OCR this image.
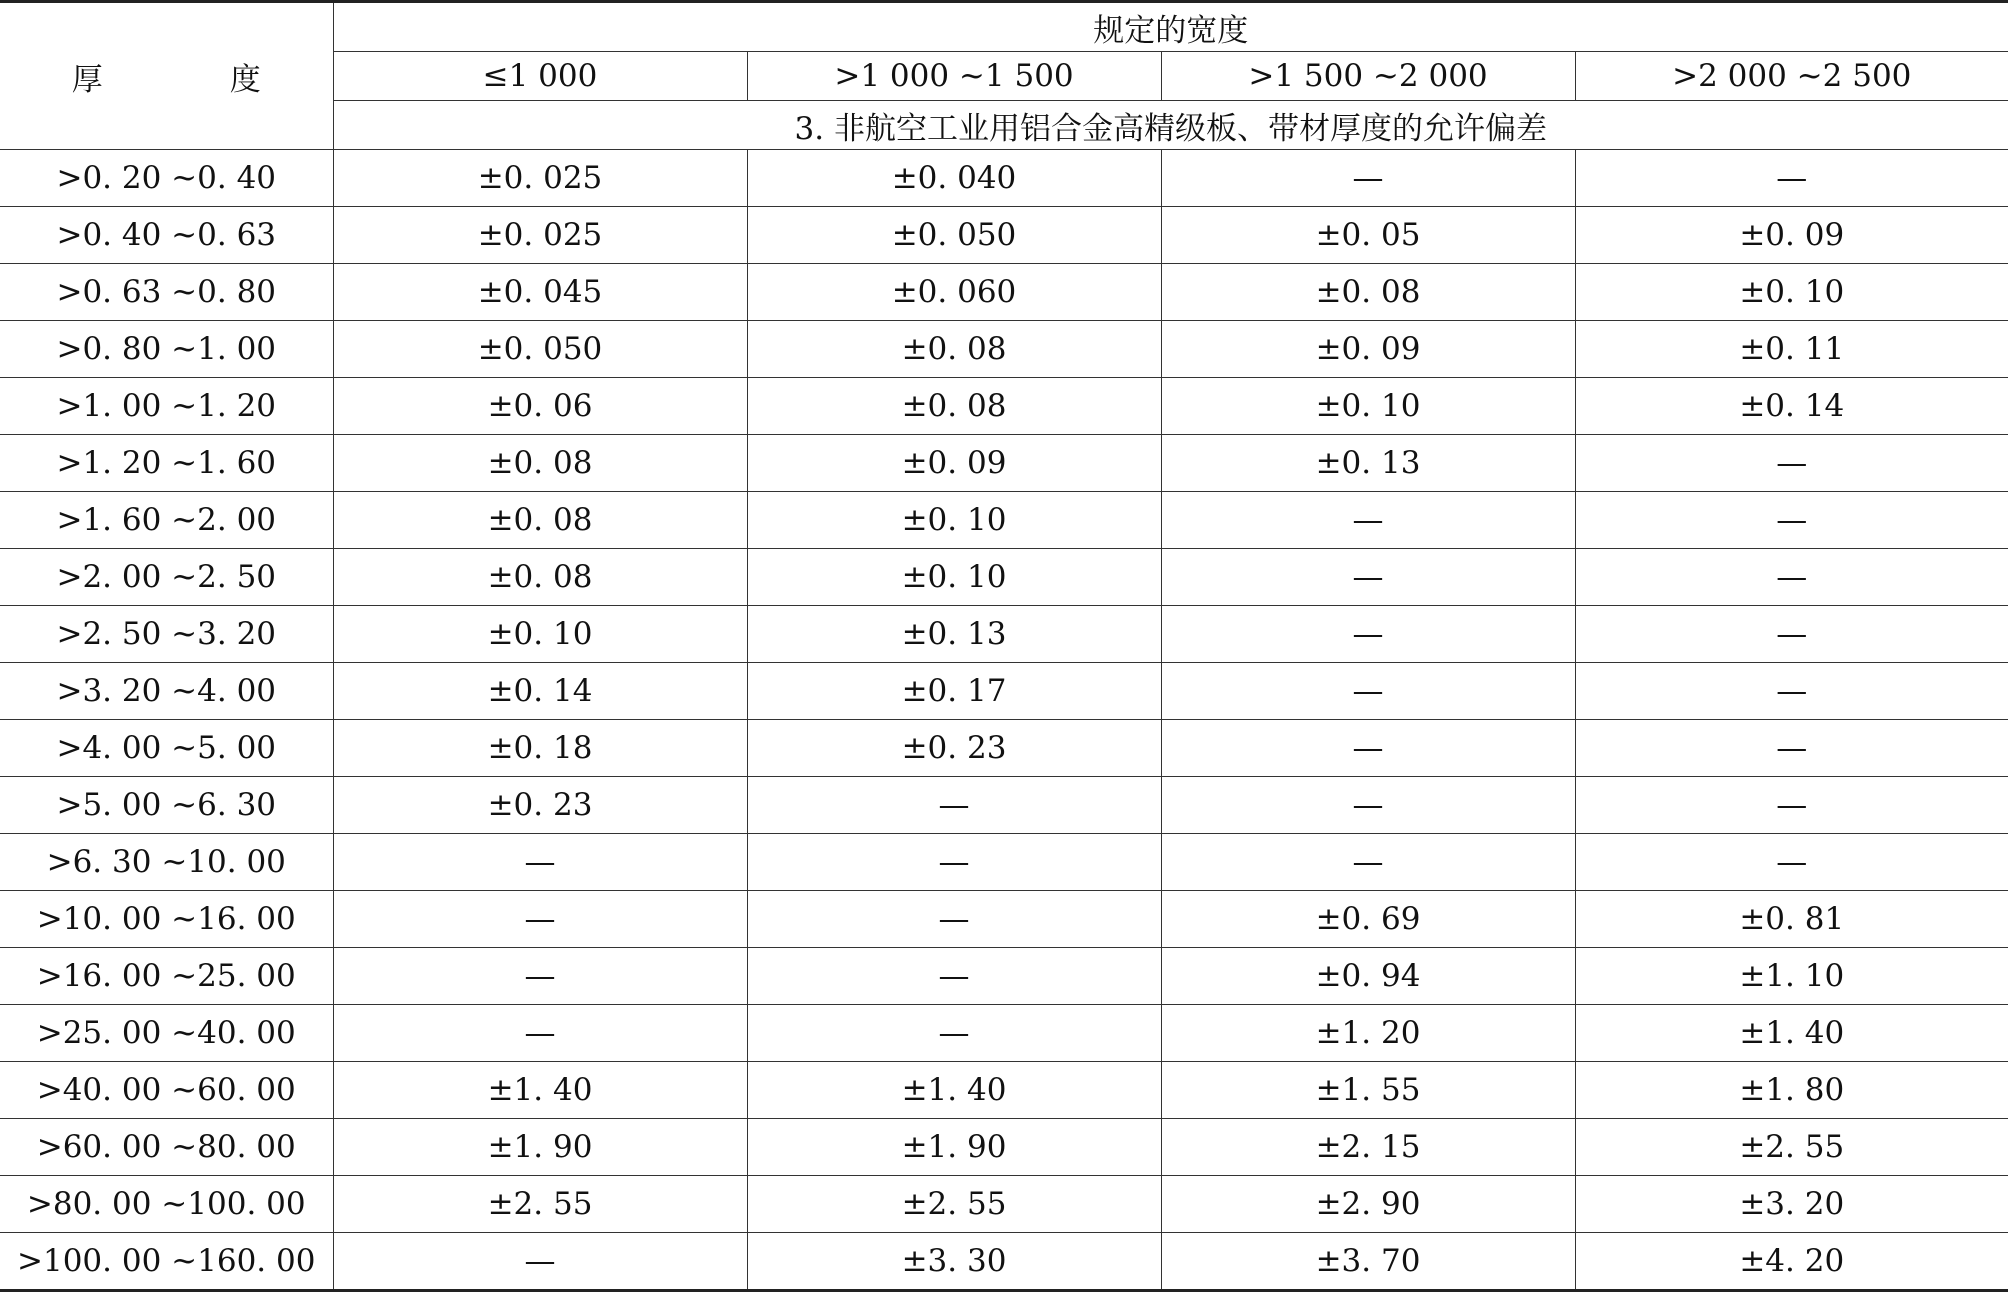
厚　度	规定的宽度			
	≤1 000	>1 000 ~1 500	>1 500 ~2 000	>2 000 ~2 500
	3. 非航空工业用铝合金高精级板、带材厚度的允许偏差			
>0. 20 ~0. 40	±0. 025	±0. 040	—	—
>0. 40 ~0. 63	±0. 025	±0. 050	±0. 05	±0. 09
>0. 63 ~0. 80	±0. 045	±0. 060	±0. 08	±0. 10
>0. 80 ~1. 00	±0. 050	±0. 08	±0. 09	±0. 11
>1. 00 ~1. 20	±0. 06	±0. 08	±0. 10	±0. 14
>1. 20 ~1. 60	±0. 08	±0. 09	±0. 13	—
>1. 60 ~2. 00	±0. 08	±0. 10	—	—
>2. 00 ~2. 50	±0. 08	±0. 10	—	—
>2. 50 ~3. 20	±0. 10	±0. 13	—	—
>3. 20 ~4. 00	±0. 14	±0. 17	—	—
>4. 00 ~5. 00	±0. 18	±0. 23	—	—
>5. 00 ~6. 30	±0. 23	—	—	—
>6. 30 ~10. 00	—	—	—	—
>10. 00 ~16. 00	—	—	±0. 69	±0. 81
>16. 00 ~25. 00	—	—	±0. 94	±1. 10
>25. 00 ~40. 00	—	—	±1. 20	±1. 40
>40. 00 ~60. 00	±1. 40	±1. 40	±1. 55	±1. 80
>60. 00 ~80. 00	±1. 90	±1. 90	±2. 15	±2. 55
>80. 00 ~100. 00	±2. 55	±2. 55	±2. 90	±3. 20
>100. 00 ~160. 00	—	±3. 30	±3. 70	±4. 20
